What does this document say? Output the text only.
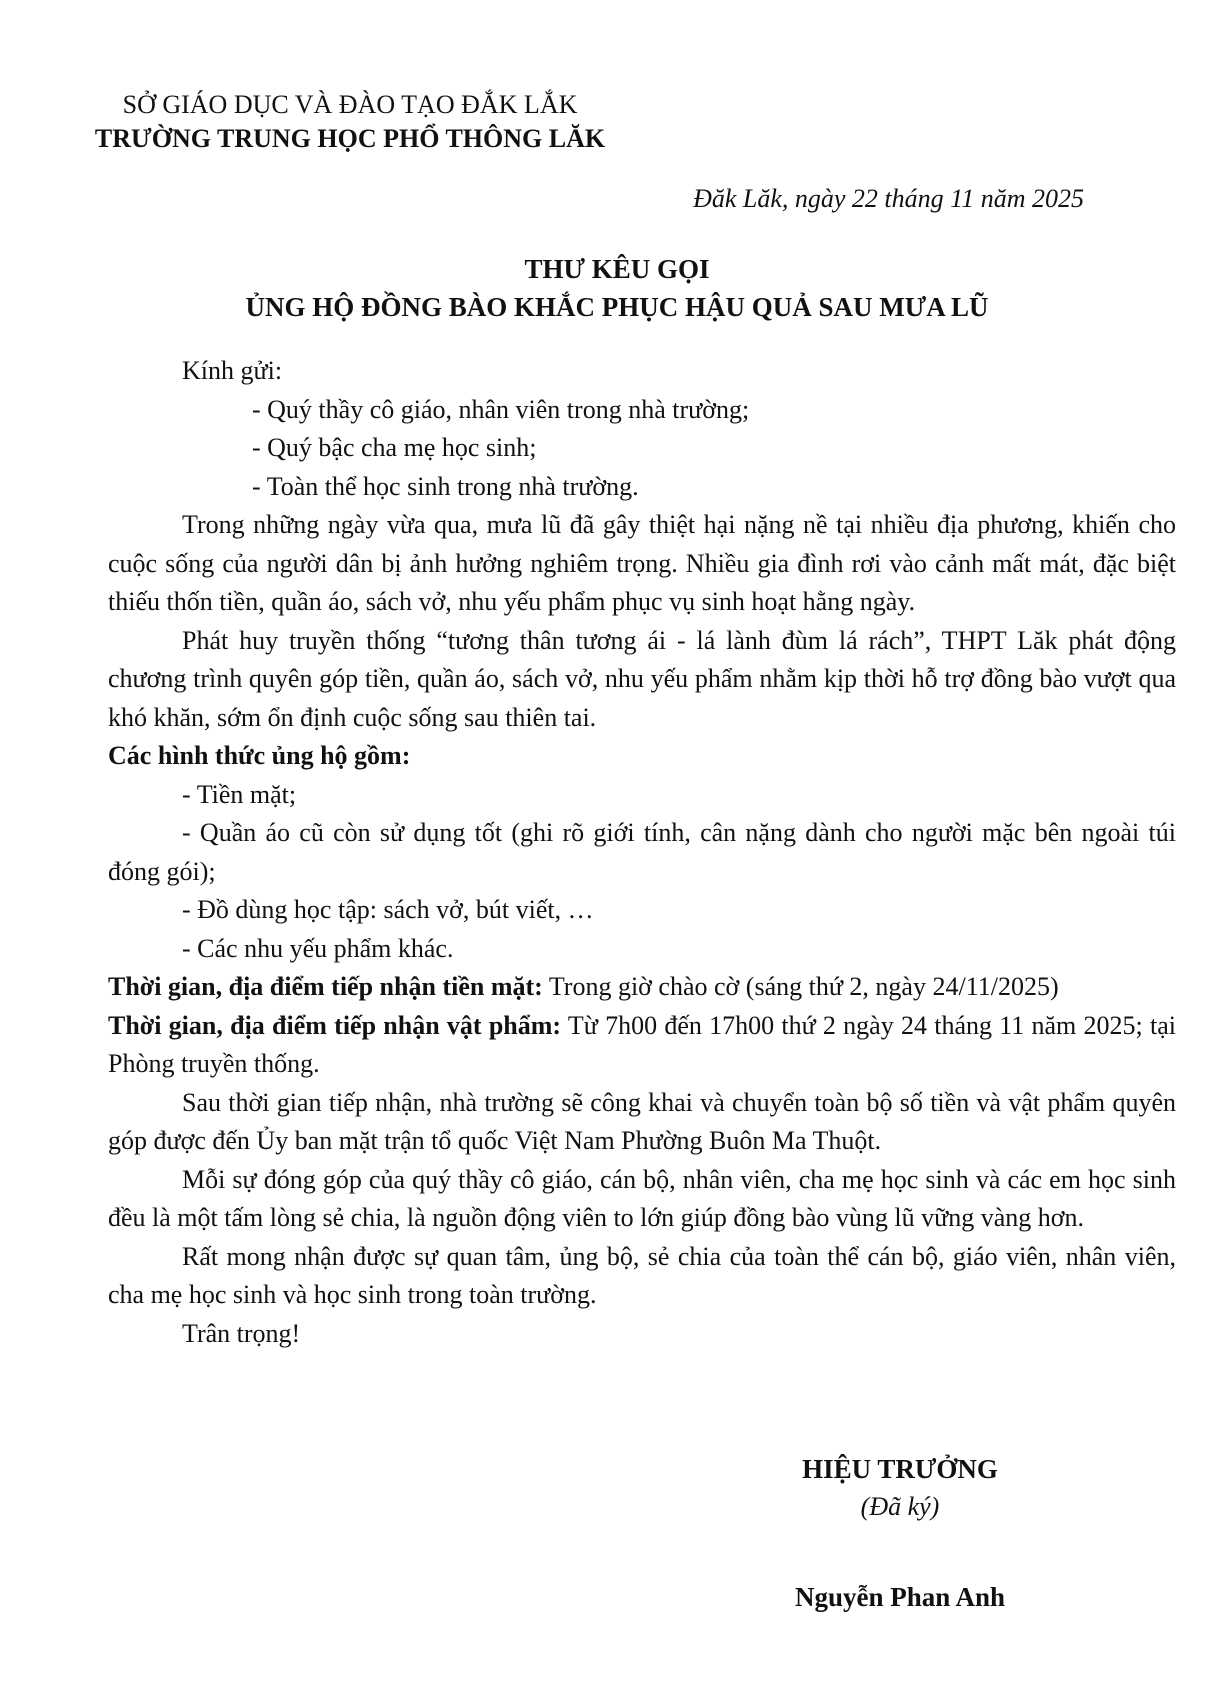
SỞ GIÁO DỤC VÀ ĐÀO TẠO ĐẮK LẮK
TRƯỜNG TRUNG HỌC PHỔ THÔNG LĂK
Đăk Lăk, ngày 22 tháng 11 năm 2025
THƯ KÊU GỌI
ỦNG HỘ ĐỒNG BÀO KHẮC PHỤC HẬU QUẢ SAU MƯA LŨ

Kính gửi:

- Quý thầy cô giáo, nhân viên trong nhà trường;

- Quý bậc cha mẹ học sinh;

- Toàn thể học sinh trong nhà trường.

Trong những ngày vừa qua, mưa lũ đã gây thiệt hại nặng nề tại nhiều địa phương, khiến cho cuộc sống của người dân bị ảnh hưởng nghiêm trọng. Nhiều gia đình rơi vào cảnh mất mát, đặc biệt thiếu thốn tiền, quần áo, sách vở, nhu yếu phẩm phục vụ sinh hoạt hằng ngày.

Phát huy truyền thống “tương thân tương ái - lá lành đùm lá rách”, THPT Lăk phát động chương trình quyên góp tiền, quần áo, sách vở, nhu yếu phẩm nhằm kịp thời hỗ trợ đồng bào vượt qua khó khăn, sớm ổn định cuộc sống sau thiên tai.

Các hình thức ủng hộ gồm:

- Tiền mặt;

- Quần áo cũ còn sử dụng tốt (ghi rõ giới tính, cân nặng dành cho người mặc bên ngoài túi đóng gói);

- Đồ dùng học tập: sách vở, bút viết, …

- Các nhu yếu phẩm khác.

Thời gian, địa điểm tiếp nhận tiền mặt: Trong giờ chào cờ (sáng thứ 2, ngày 24/11/2025)

Thời gian, địa điểm tiếp nhận vật phẩm: Từ 7h00 đến 17h00 thứ 2 ngày 24 tháng 11 năm 2025; tại Phòng truyền thống.

Sau thời gian tiếp nhận, nhà trường sẽ công khai và chuyển toàn bộ số tiền và vật phẩm quyên góp được đến Ủy ban mặt trận tổ quốc Việt Nam Phường Buôn Ma Thuột.

Mỗi sự đóng góp của quý thầy cô giáo, cán bộ, nhân viên, cha mẹ học sinh và các em học sinh đều là một tấm lòng sẻ chia, là nguồn động viên to lớn giúp đồng bào vùng lũ vững vàng hơn.

Rất mong nhận được sự quan tâm, ủng bộ, sẻ chia của toàn thể cán bộ, giáo viên, nhân viên, cha mẹ học sinh và học sinh trong toàn trường.

Trân trọng!

HIỆU TRƯỞNG
(Đã ký)
Nguyễn Phan Anh
